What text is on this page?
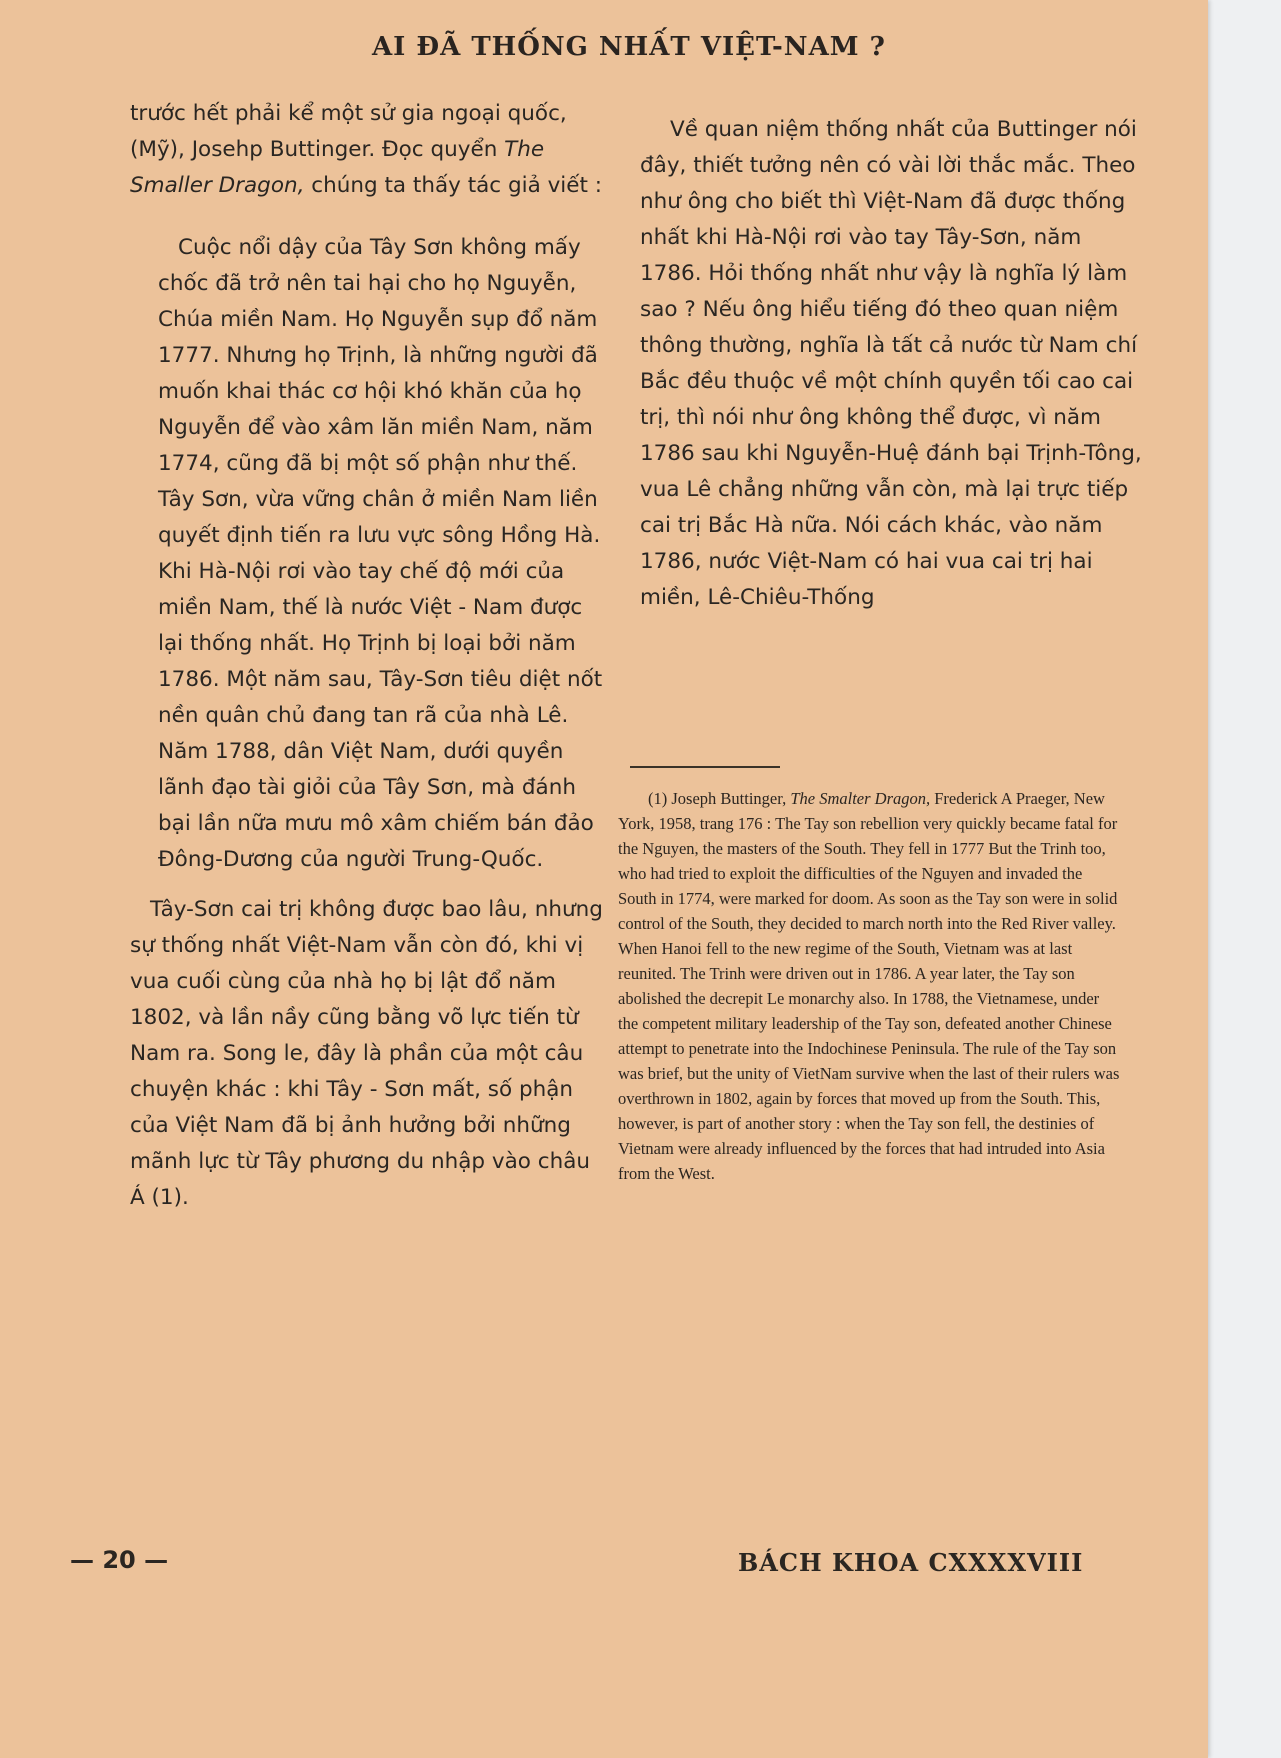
AI ĐÃ THỐNG NHẤT VIỆT-NAM ?

trước hết phải kể một sử gia ngoại quốc, (Mỹ), Josehp Buttinger. Đọc quyển The Smaller Dragon, chúng ta thấy tác giả viết :

Cuộc nổi dậy của Tây Sơn không mấy chốc đã trở nên tai hại cho họ Nguyễn, Chúa miền Nam. Họ Nguyễn sụp đổ năm 1777. Nhưng họ Trịnh, là những người đã muốn khai thác cơ hội khó khăn của họ Nguyễn để vào xâm lăn miền Nam, năm 1774, cũng đã bị một số phận như thế. Tây Sơn, vừa vững chân ở miền Nam liền quyết định tiến ra lưu vực sông Hồng Hà. Khi Hà-Nội rơi vào tay chế độ mới của miền Nam, thế là nước Việt - Nam được lại thống nhất. Họ Trịnh bị loại bởi năm 1786. Một năm sau, Tây-Sơn tiêu diệt nốt nền quân chủ đang tan rã của nhà Lê. Năm 1788, dân Việt Nam, dưới quyền lãnh đạo tài giỏi của Tây Sơn, mà đánh bại lần nữa mưu mô xâm chiếm bán đảo Đông-Dương của người Trung-Quốc.

Tây-Sơn cai trị không được bao lâu, nhưng sự thống nhất Việt-Nam vẫn còn đó, khi vị vua cuối cùng của nhà họ bị lật đổ năm 1802, và lần nầy cũng bằng võ lực tiến từ Nam ra. Song le, đây là phần của một câu chuyện khác : khi Tây - Sơn mất, số phận của Việt Nam đã bị ảnh hưởng bởi những mãnh lực từ Tây phương du nhập vào châu Á (1).

Về quan niệm thống nhất của Buttinger nói đây, thiết tưởng nên có vài lời thắc mắc. Theo như ông cho biết thì Việt-Nam đã được thống nhất khi Hà-Nội rơi vào tay Tây-Sơn, năm 1786. Hỏi thống nhất như vậy là nghĩa lý làm sao ? Nếu ông hiểu tiếng đó theo quan niệm thông thường, nghĩa là tất cả nước từ Nam chí Bắc đều thuộc về một chính quyền tối cao cai trị, thì nói như ông không thể được, vì năm 1786 sau khi Nguyễn-Huệ đánh bại Trịnh-Tông, vua Lê chẳng những vẫn còn, mà lại trực tiếp cai trị Bắc Hà nữa. Nói cách khác, vào năm 1786, nước Việt-Nam có hai vua cai trị hai miền, Lê-Chiêu-Thống

(1) Joseph Buttinger, The Smalter Dragon, Frederick A Praeger, New York, 1958, trang 176 : The Tay son rebellion very quickly became fatal for the Nguyen, the masters of the South. They fell in 1777 But the Trinh too, who had tried to exploit the difficulties of the Nguyen and invaded the South in 1774, were marked for doom. As soon as the Tay son were in solid control of the South, they decided to march north into the Red River valley. When Hanoi fell to the new regime of the South, Vietnam was at last reunited. The Trinh were driven out in 1786. A year later, the Tay son abolished the decrepit Le monarchy also. In 1788, the Vietnamese, under the competent military leadership of the Tay son, defeated another Chinese attempt to penetrate into the Indochinese Peninsula. The rule of the Tay son was brief, but the unity of VietNam survive when the last of their rulers was overthrown in 1802, again by forces that moved up from the South. This, however, is part of another story : when the Tay son fell, the destinies of Vietnam were already influenced by the forces that had intruded into Asia from the West.

— 20 —	BÁCH KHOA CXXXXVIII
